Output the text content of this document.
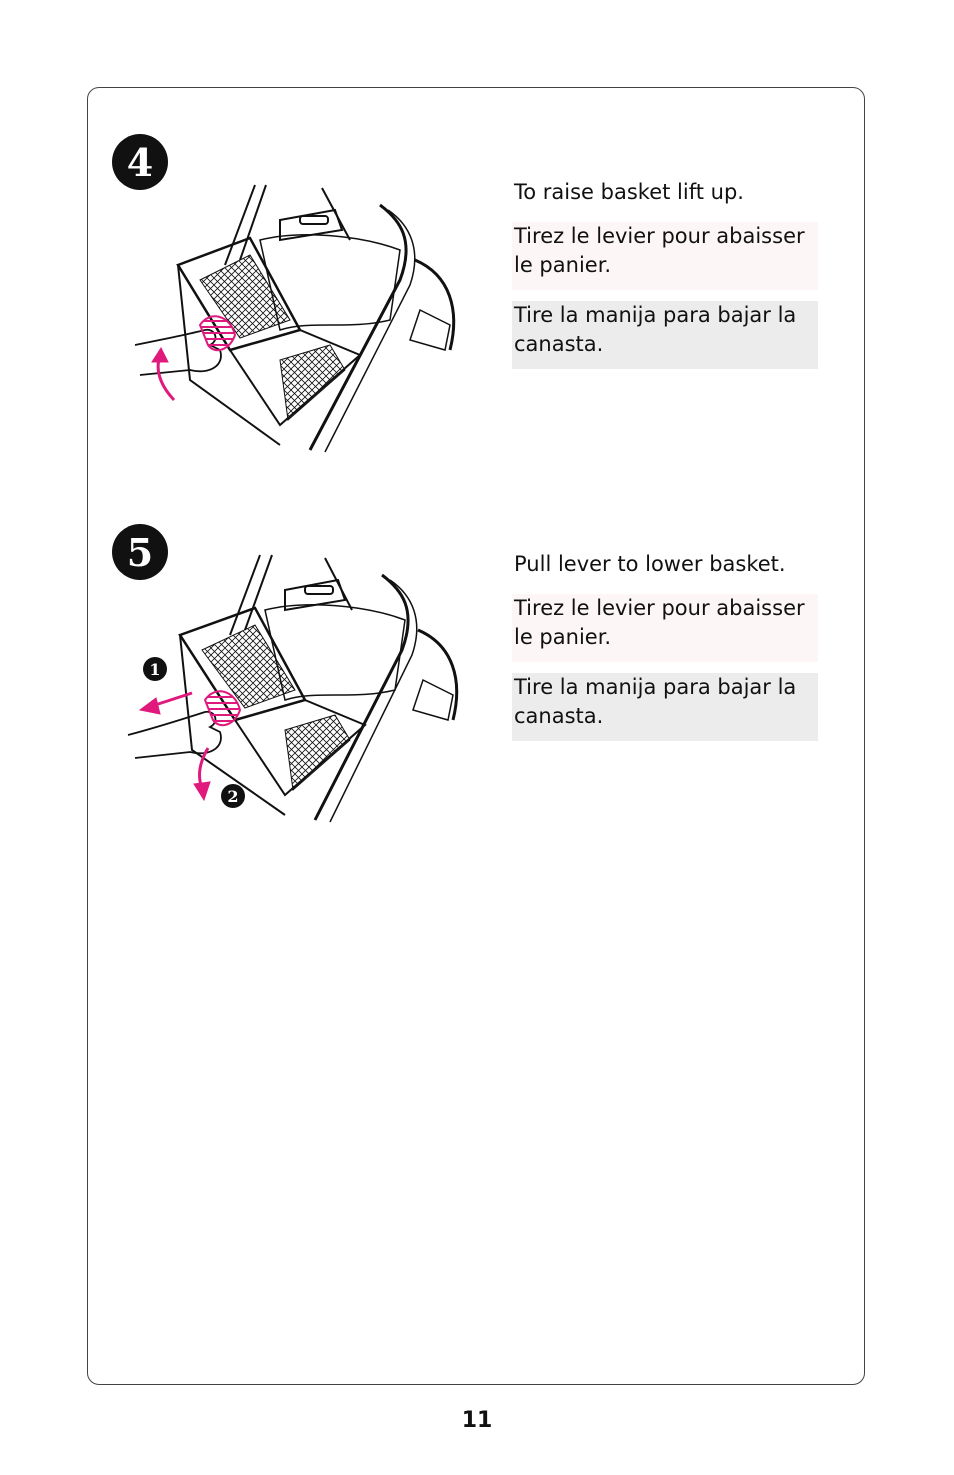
4

To raise basket lift up.

Tirez le levier pour abaisser le panier.
Tire la manija para bajar la canasta.
5
1
2

Pull lever to lower basket.

Tirez le levier pour abaisser le panier.
Tire la manija para bajar la canasta.
11
